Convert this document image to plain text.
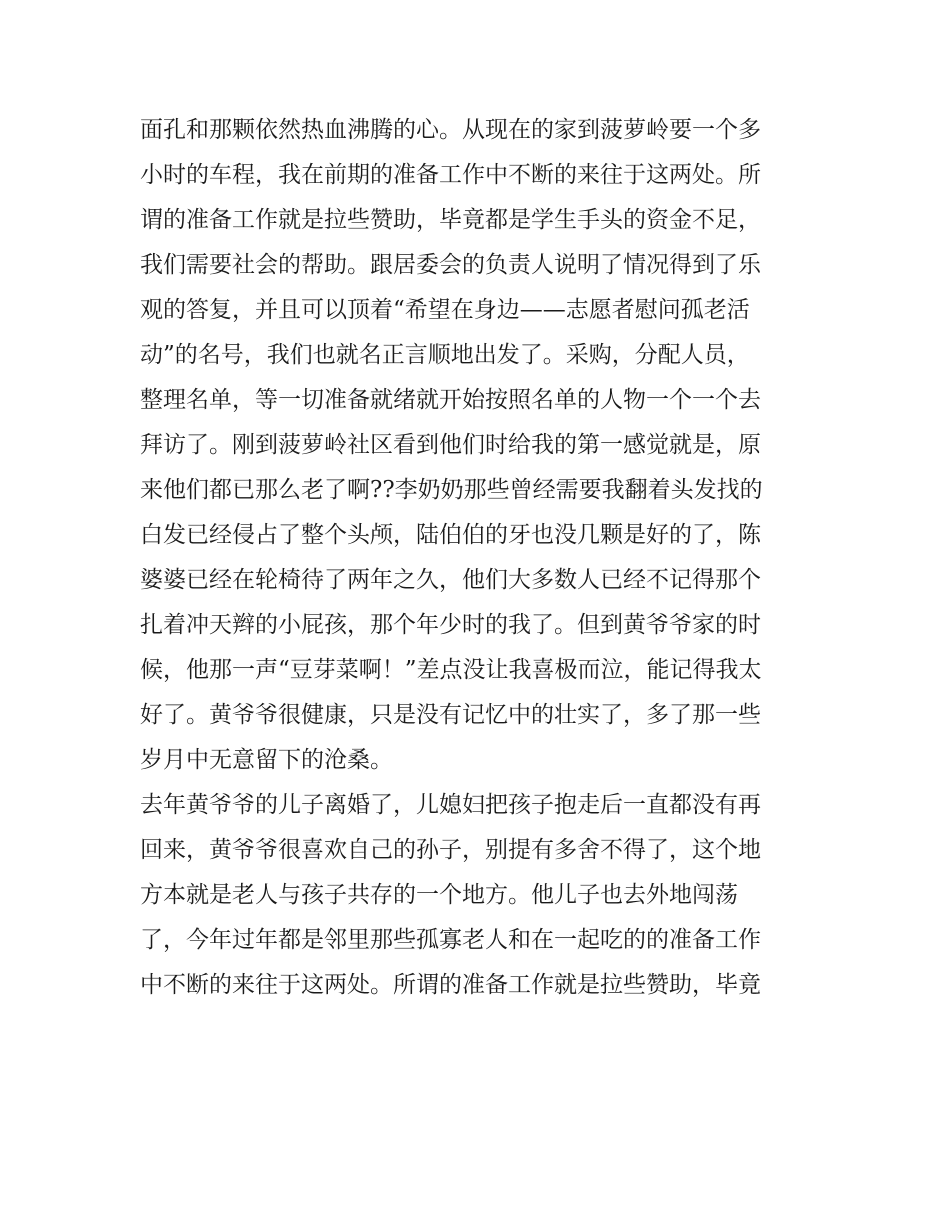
面孔和那颗依然热血沸腾的心。从现在的家到菠萝岭要一个多
小时的车程，我在前期的准备工作中不断的来往于这两处。所
谓的准备工作就是拉些赞助，毕竟都是学生手头的资金不足，
我们需要社会的帮助。跟居委会的负责人说明了情况得到了乐
观的答复，并且可以顶着“希望在身边——志愿者慰问孤老活
动”的名号，我们也就名正言顺地出发了。采购，分配人员，
整理名单，等一切准备就绪就开始按照名单的人物一个一个去
拜访了。刚到菠萝岭社区看到他们时给我的第一感觉就是，原
来他们都已那么老了啊??李奶奶那些曾经需要我翻着头发找的
白发已经侵占了整个头颅，陆伯伯的牙也没几颗是好的了，陈
婆婆已经在轮椅待了两年之久，他们大多数人已经不记得那个
扎着冲天辫的小屁孩，那个年少时的我了。但到黄爷爷家的时
候，他那一声“豆芽菜啊！”差点没让我喜极而泣，能记得我太
好了。黄爷爷很健康，只是没有记忆中的壮实了，多了那一些
岁月中无意留下的沧桑。
去年黄爷爷的儿子离婚了，儿媳妇把孩子抱走后一直都没有再
回来，黄爷爷很喜欢自己的孙子，别提有多舍不得了，这个地
方本就是老人与孩子共存的一个地方。他儿子也去外地闯荡
了，今年过年都是邻里那些孤寡老人和在一起吃的的准备工作
中不断的来往于这两处。所谓的准备工作就是拉些赞助，毕竟
